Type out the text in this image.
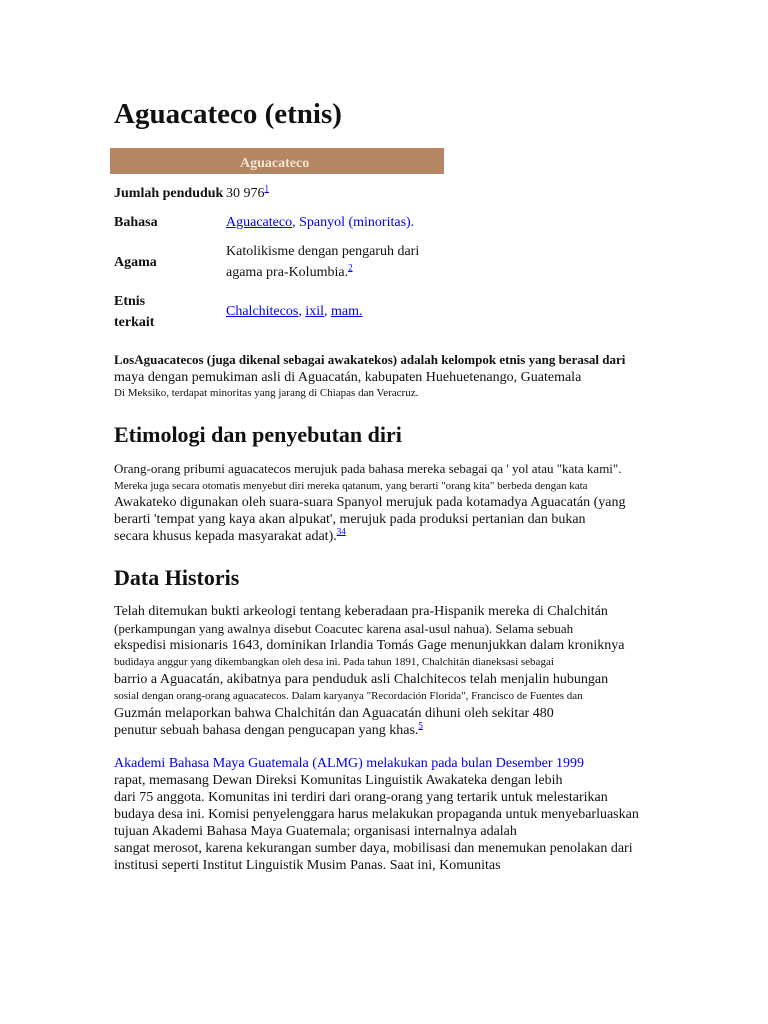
Aguacateco (etnis)
Aguacateco
Jumlah penduduk 30 $976^1$
Bahasa	Aguacateco, Spanyol (minoritas).
Agama
Katolikisme dengan pengaruh dari
agama pra-Kolumbia.$^2$
Etnis
terkait
Chalchitecos, ixil, mam.

LosAguacatecos (juga dikenal sebagai awakatekos) adalah kelompok etnis yang berasal dari

maya dengan pemukiman asli di Aguacatán, kabupaten Huehuetenango, Guatemala

Di Meksiko, terdapat minoritas yang jarang di Chiapas dan Veracruz.

Etimologi dan penyebutan diri

Orang-orang pribumi aguacatecos merujuk pada bahasa mereka sebagai qa ' yol atau "kata kami".

Mereka juga secara otomatis menyebut diri mereka qatanum, yang berarti "orang kita" berbeda dengan kata

Awakateko digunakan oleh suara-suara Spanyol merujuk pada kotamadya Aguacatán (yang

berarti 'tempat yang kaya akan alpukat', merujuk pada produksi pertanian dan bukan

secara khusus kepada masyarakat adat).$^{34}$

Data Historis

Telah ditemukan bukti arkeologi tentang keberadaan pra-Hispanik mereka di Chalchitán

(perkampungan yang awalnya disebut Coacutec karena asal-usul nahua). Selama sebuah

ekspedisi misionaris 1643, dominikan Irlandia Tomás Gage menunjukkan dalam kroniknya

budidaya anggur yang dikembangkan oleh desa ini. Pada tahun 1891, Chalchitán dianeksasi sebagai

barrio a Aguacatán, akibatnya para penduduk asli Chalchitecos telah menjalin hubungan

sosial dengan orang-orang aguacatecos. Dalam karyanya "Recordación Florida", Francisco de Fuentes dan

Guzmán melaporkan bahwa Chalchitán dan Aguacatán dihuni oleh sekitar 480

penutur sebuah bahasa dengan pengucapan yang khas.$^5$

Akademi Bahasa Maya Guatemala (ALMG) melakukan pada bulan Desember 1999

rapat, memasang Dewan Direksi Komunitas Linguistik Awakateka dengan lebih

dari 75 anggota. Komunitas ini terdiri dari orang-orang yang tertarik untuk melestarikan

budaya desa ini. Komisi penyelenggara harus melakukan propaganda untuk menyebarluaskan

tujuan Akademi Bahasa Maya Guatemala; organisasi internalnya adalah

sangat merosot, karena kekurangan sumber daya, mobilisasi dan menemukan penolakan dari

institusi seperti Institut Linguistik Musim Panas. Saat ini, Komunitas
